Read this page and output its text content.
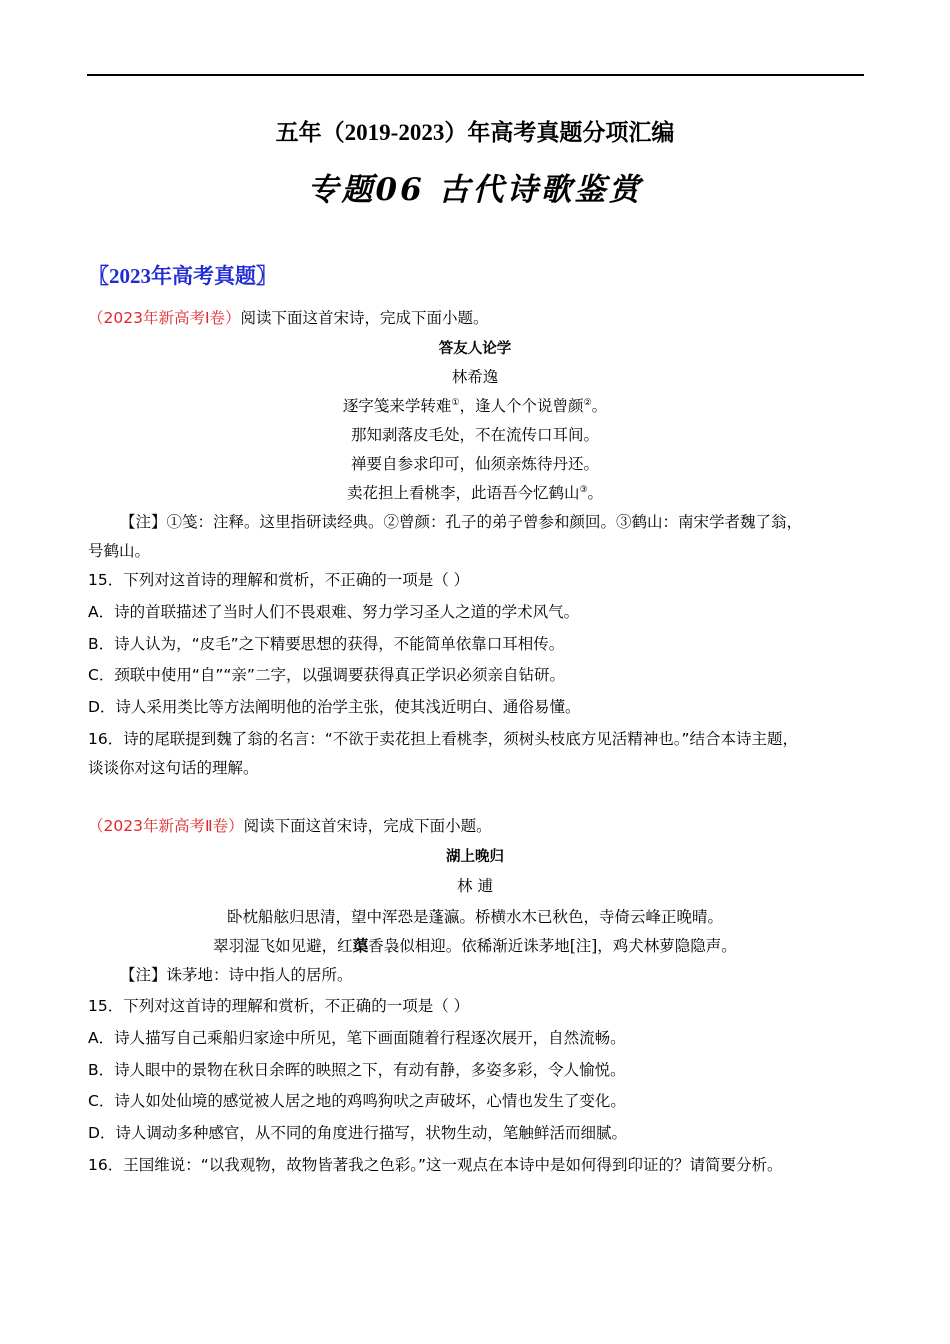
五年（2019-2023）年高考真题分项汇编
专题06 古代诗歌鉴赏
〖2023年高考真题〗
（2023年新高考Ⅰ卷）阅读下面这首宋诗，完成下面小题。
答友人论学
林希逸
逐字笺来学转难①，逢人个个说曾颜②。
那知剥落皮毛处，不在流传口耳间。
禅要自参求印可，仙须亲炼待丹还。
卖花担上看桃李，此语吾今忆鹤山③。
【注】①笺：注释。这里指研读经典。②曾颜：孔子的弟子曾参和颜回。③鹤山：南宋学者魏了翁，
号鹤山。
15．下列对这首诗的理解和赏析，不正确的一项是（ ）
A．诗的首联描述了当时人们不畏艰难、努力学习圣人之道的学术风气。
B．诗人认为，“皮毛”之下精要思想的获得，不能简单依靠口耳相传。
C．颈联中使用“自”“亲”二字，以强调要获得真正学识必须亲自钻研。
D．诗人采用类比等方法阐明他的治学主张，使其浅近明白、通俗易懂。
16．诗的尾联提到魏了翁的名言：“不欲于卖花担上看桃李，须树头枝底方见活精神也。”结合本诗主题，
谈谈你对这句话的理解。
（2023年新高考Ⅱ卷）阅读下面这首宋诗，完成下面小题。
湖上晚归
林 逋
卧枕船舷归思清，望中浑恐是蓬瀛。桥横水木已秋色，寺倚云峰正晚晴。
翠羽湿飞如见避，红蕖香袅似相迎。依稀渐近诛茅地[注]，鸡犬林萝隐隐声。
【注】诛茅地：诗中指人的居所。
15．下列对这首诗的理解和赏析，不正确的一项是（ ）
A．诗人描写自己乘船归家途中所见，笔下画面随着行程逐次展开，自然流畅。
B．诗人眼中的景物在秋日余晖的映照之下，有动有静，多姿多彩，令人愉悦。
C．诗人如处仙境的感觉被人居之地的鸡鸣狗吠之声破坏，心情也发生了变化。
D．诗人调动多种感官，从不同的角度进行描写，状物生动，笔触鲜活而细腻。
16．王国维说：“以我观物，故物皆著我之色彩。”这一观点在本诗中是如何得到印证的？请简要分析。
